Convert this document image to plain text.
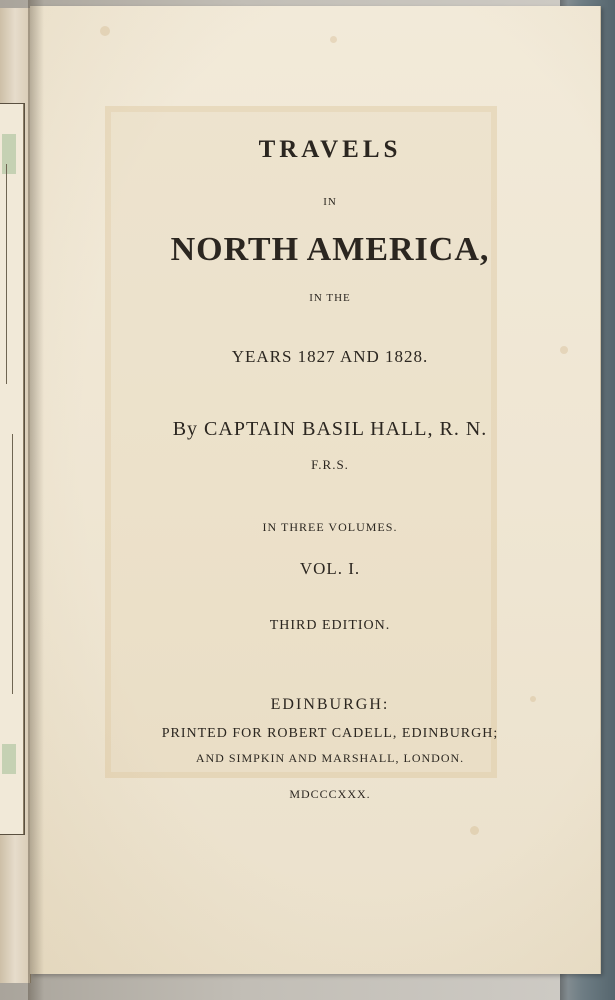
TRAVELS
IN
NORTH AMERICA,
IN THE
YEARS 1827 AND 1828.
By CAPTAIN BASIL HALL, R. N.
F.R.S.
IN THREE VOLUMES.
VOL. I.
THIRD EDITION.
EDINBURGH:
PRINTED FOR ROBERT CADELL, EDINBURGH;
AND SIMPKIN AND MARSHALL, LONDON.
MDCCCXXX.
